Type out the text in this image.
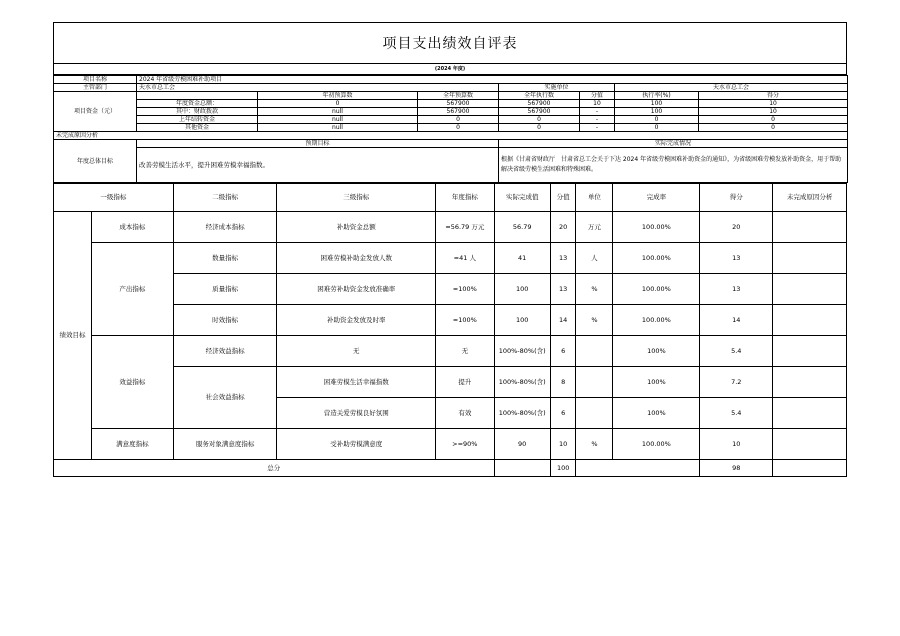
项目支出绩效自评表
(2024 年度)
项目名称	2024 年省级劳模困难补助项目						
主管部门	天水市总工会			实施单位		天水市总工会	
项目资金（元）		年初预算数	全年预算数	全年执行数	分值	执行率(%)	得分
	年度资金总额：	0	567900	567900	10	100	10
	其中：财政拨款	null	567900	567900	-	100	10
	上年结转资金	null	0	0	-	0	0
	其他资金	null	0	0	-	0	0
未完成原因分析							
年度总体目标	预期目标			实际完成情况			
	改善劳模生活水平，提升困难劳模幸福指数。			根据《甘肃省财政厅　甘肃省总工会关于下达 2024 年省级劳模困难补助资金的通知》，为省级困难劳模发放补助资金，用于帮助解决省级劳模生活困难和特殊困难。			
一级指标		二级指标	三级指标	年度指标	实际完成值	分值	单位	完成率	得分	未完成原因分析
绩效目标	成本指标	经济成本指标	补助资金总额	≈56.79 万元	56.79	20	万元	100.00%	20	
	产出指标	数量指标	困难劳模补助金发放人数	≈41 人	41	13	人	100.00%	13	
		质量指标	困难劳补助资金发放准确率	≈100%	100	13	%	100.00%	13	
		时效指标	补助资金发放及时率	≈100%	100	14	%	100.00%	14	
	效益指标	经济效益指标	无	无	100%-80%(含)	6		100%	5.4	
		社会效益指标	困难劳模生活幸福指数	提升	100%-80%(含)	8		100%	7.2	
			营造关爱劳模良好氛围	有效	100%-80%(含)	6		100%	5.4	
	满意度指标	服务对象满意度指标	受补助劳模满意度	>=90%	90	10	%	100.00%	10	
总分						100			98	
